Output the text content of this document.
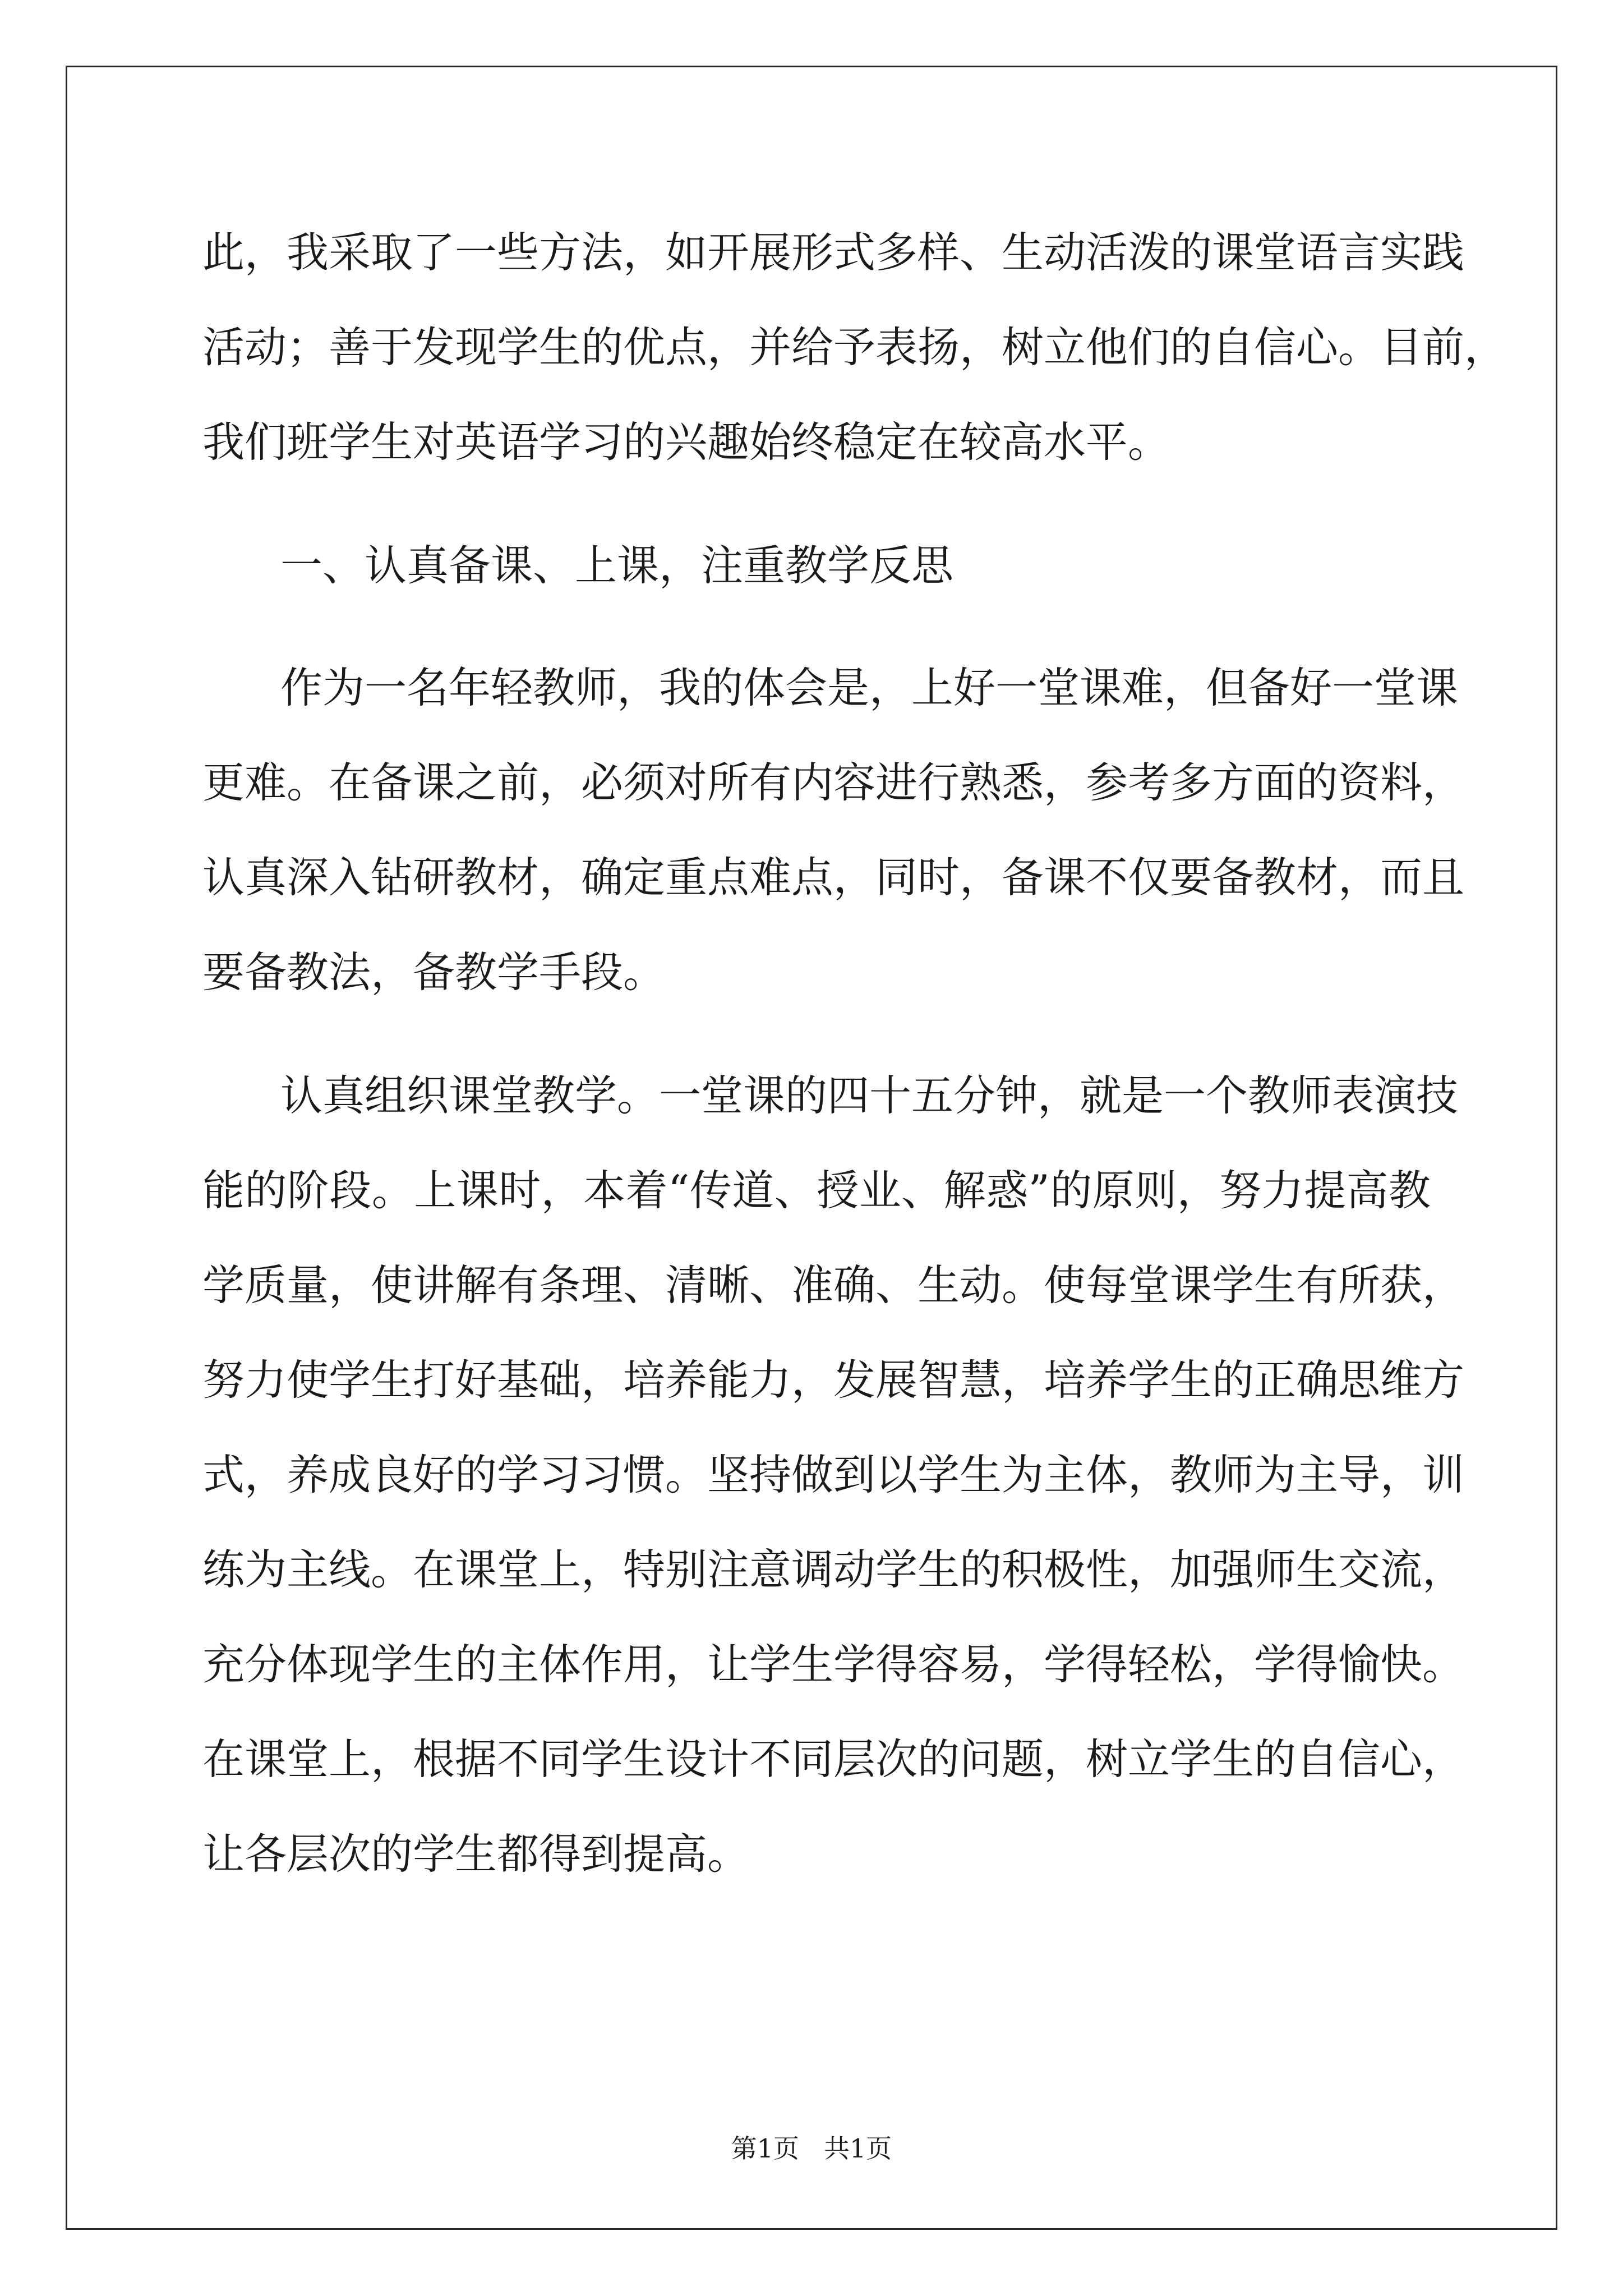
此，我采取了一些方法，如开展形式多样、生动活泼的课堂语言实践
活动；善于发现学生的优点，并给予表扬，树立他们的自信心。目前，
我们班学生对英语学习的兴趣始终稳定在较高水平。
一、认真备课、上课，注重教学反思
作为一名年轻教师，我的体会是，上好一堂课难，但备好一堂课
更难。在备课之前，必须对所有内容进行熟悉，参考多方面的资料，
认真深入钻研教材，确定重点难点，同时，备课不仅要备教材，而且
要备教法，备教学手段。
认真组织课堂教学。一堂课的四十五分钟，就是一个教师表演技
能的阶段。上课时，本着“传道、授业、解惑”的原则，努力提高教
学质量，使讲解有条理、清晰、准确、生动。使每堂课学生有所获，
努力使学生打好基础，培养能力，发展智慧，培养学生的正确思维方
式，养成良好的学习习惯。坚持做到以学生为主体，教师为主导，训
练为主线。在课堂上，特别注意调动学生的积极性，加强师生交流，
充分体现学生的主体作用，让学生学得容易，学得轻松，学得愉快。
在课堂上，根据不同学生设计不同层次的问题，树立学生的自信心，
让各层次的学生都得到提高。
第1页 共1页
